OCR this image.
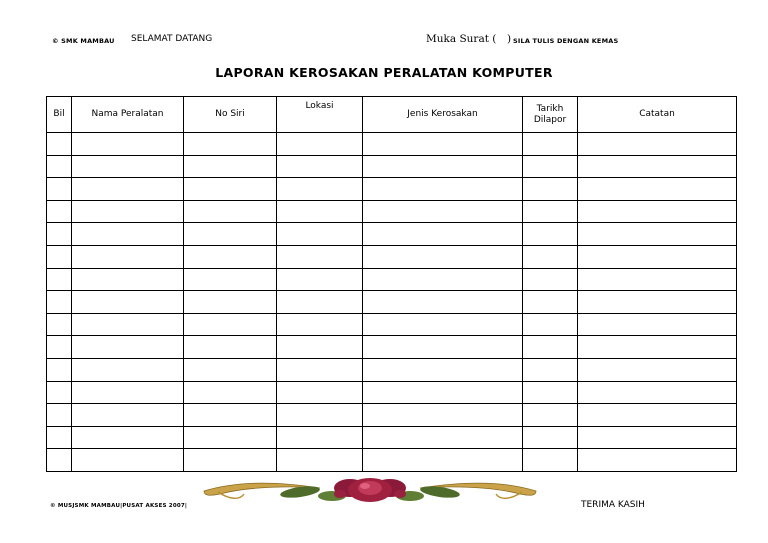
© SMK MAMBAU SELAMAT DATANG	Muka Surat ( ) SILA TULIS DENGAN KEMAS
LAPORAN KEROSAKAN PERALATAN KOMPUTER
Bil	Nama Peralatan	No Siri	Lokasi	Jenis Kerosakan	Tarikh Dilapor	Catatan

© MUSJSMK MAMBAU|PUSAT AKSES 2007|	TERIMA KASIH
